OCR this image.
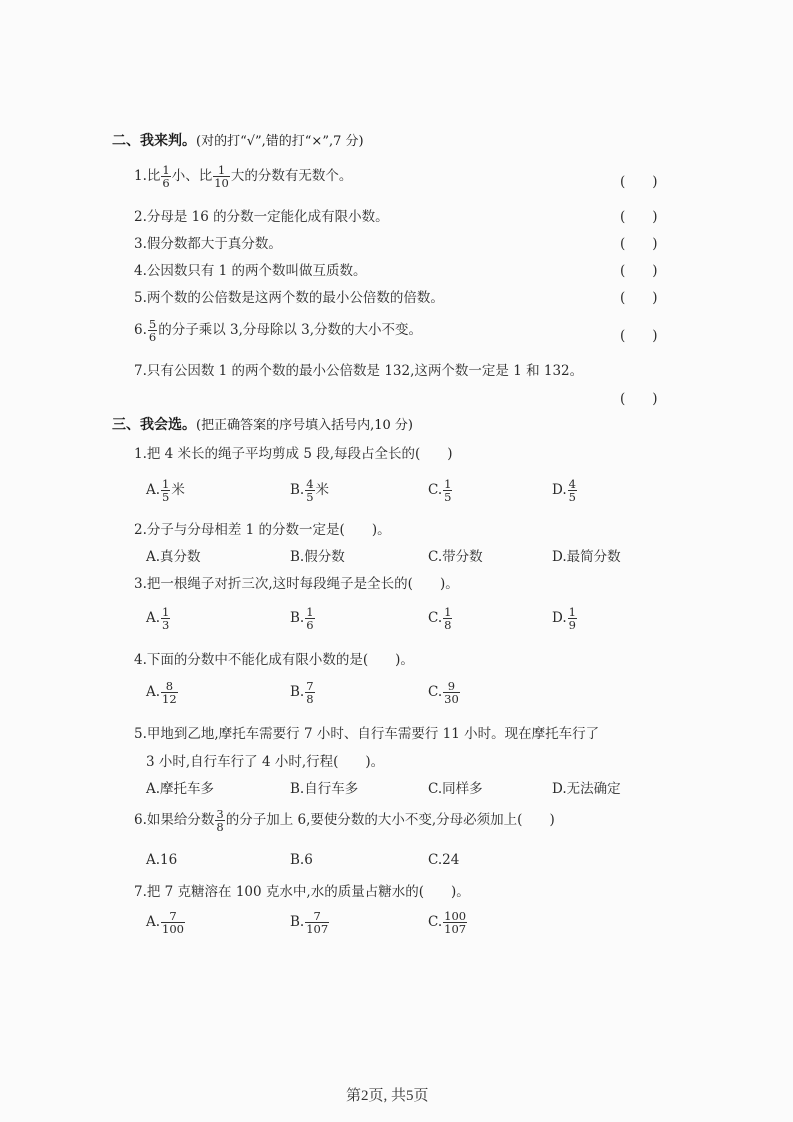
二、我来判。(对的打“√”,错的打“×”,7 分)
1.比 $\frac{1}{6}$ 小、比 $\frac{1}{10}$ 大的分数有无数个。	(　　)
2.分母是 16 的分数一定能化成有限小数。	(　　)
3.假分数都大于真分数。	(　　)
4.公因数只有 1 的两个数叫做互质数。	(　　)
5.两个数的公倍数是这两个数的最小公倍数的倍数。	(　　)
6. $\frac{5}{6}$ 的分子乘以 3,分母除以 3,分数的大小不变。	(　　)
7.只有公因数 1 的两个数的最小公倍数是 132,这两个数一定是 1 和 132。
(　　)
三、我会选。(把正确答案的序号填入括号内,10 分)
1.把 4 米长的绳子平均剪成 5 段,每段占全长的(　　)
A. $\frac{1}{5}$ 米	B. $\frac{4}{5}$ 米	C. $\frac{1}{5}$	D. $\frac{4}{5}$
2.分子与分母相差 1 的分数一定是(　　)。
A.真分数	B.假分数	C.带分数	D.最简分数
3.把一根绳子对折三次,这时每段绳子是全长的(　　)。
A. $\frac{1}{3}$	B. $\frac{1}{6}$	C. $\frac{1}{8}$	D. $\frac{1}{9}$
4.下面的分数中不能化成有限小数的是(　　)。
A. $\frac{8}{12}$	B. $\frac{7}{8}$	C. $\frac{9}{30}$
5.甲地到乙地,摩托车需要行 7 小时、自行车需要行 11 小时。现在摩托车行了
3 小时,自行车行了 4 小时,行程(　　)。
A.摩托车多	B.自行车多	C.同样多	D.无法确定
6.如果给分数 $\frac{3}{8}$ 的分子加上 6,要使分数的大小不变,分母必须加上(　　)
A.16	B.6	C.24
7.把 7 克糖溶在 100 克水中,水的质量占糖水的(　　)。
A. $\frac{7}{100}$	B. $\frac{7}{107}$	C. $\frac{100}{107}$
第2页, 共5页
